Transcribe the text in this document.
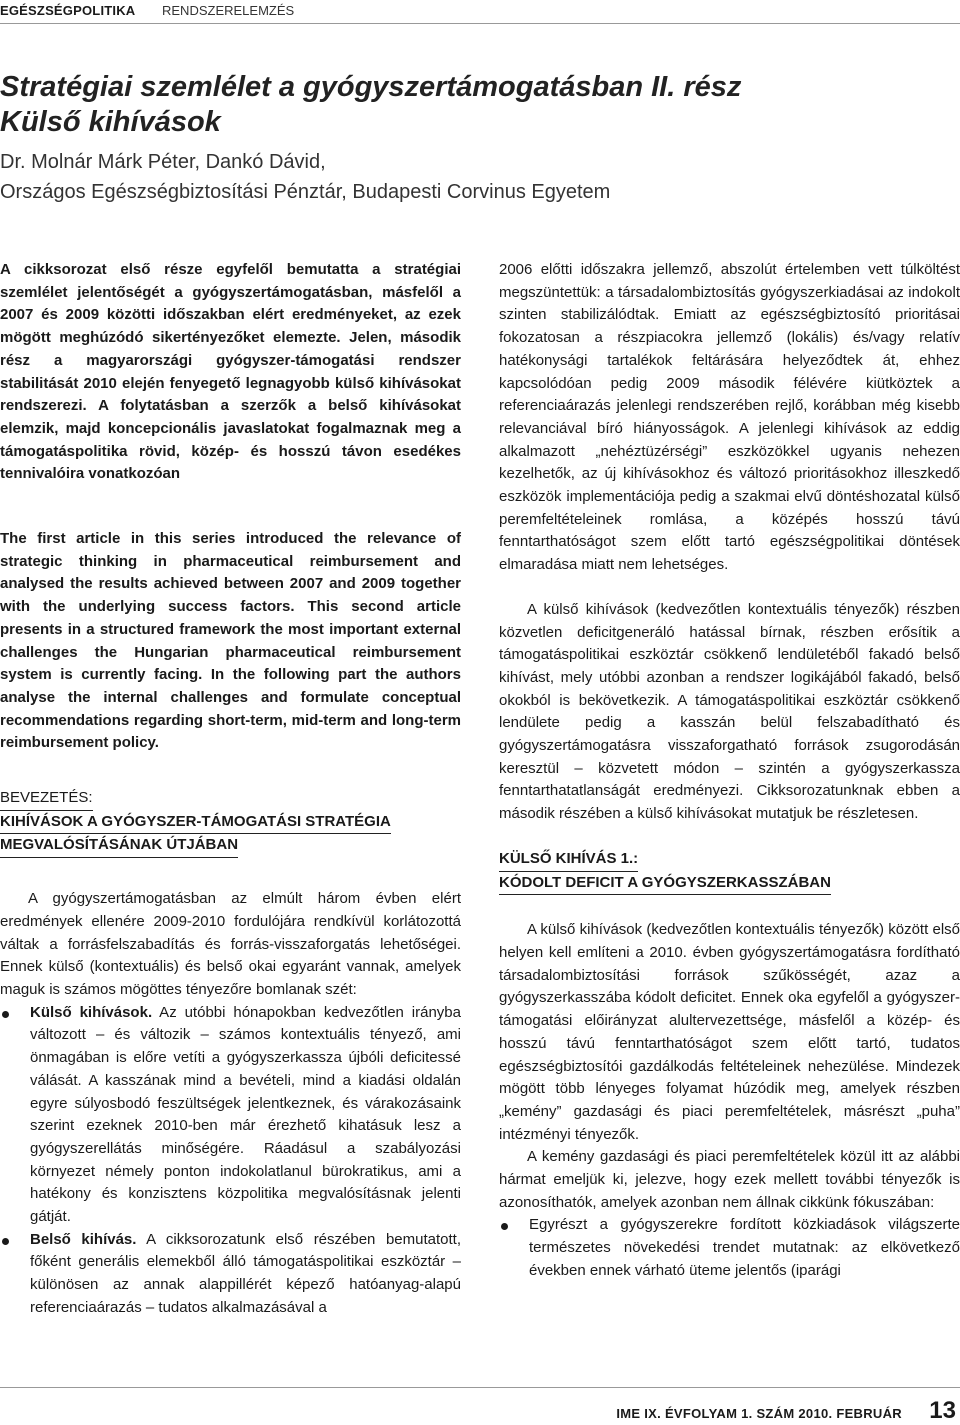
EGÉSZSÉGPOLITIKA RENDSZERELEMZÉS
Stratégiai szemlélet a gyógyszertámogatásban II. rész
Külső kihívások
Dr. Molnár Márk Péter, Dankó Dávid,
Országos Egészségbiztosítási Pénztár, Budapesti Corvinus Egyetem

A cikksorozat első része egyfelől bemutatta a stratégiai szemlélet jelentőségét a gyógyszertámogatásban, másfelől a 2007 és 2009 közötti időszakban elért eredményeket, az ezek mögött meghúzódó sikertényezőket elemezte. Jelen, második rész a magyarországi gyógyszer-támogatási rendszer stabilitását 2010 elején fenyegető legnagyobb külső kihívásokat rendszerezi. A folytatásban a szerzők a belső kihívásokat elemzik, majd koncepcionális javaslatokat fogalmaznak meg a támogatáspolitika rövid, közép- és hosszú távon esedékes tennivalóira vonatkozóan

The first article in this series introduced the relevance of strategic thinking in pharmaceutical reimbursement and analysed the results achieved between 2007 and 2009 together with the underlying success factors. This second article presents in a structured framework the most important external challenges the Hungarian pharmaceutical reimbursement system is currently facing. In the following part the authors analyse the internal challenges and formulate conceptual recommendations regarding short-term, mid-term and long-term reimbursement policy.

BEVEZETÉS:
KIHÍVÁSOK A GYÓGYSZER-TÁMOGATÁSI STRATÉGIA
MEGVALÓSÍTÁSÁNAK ÚTJÁBAN

A gyógyszertámogatásban az elmúlt három évben elért eredmények ellenére 2009-2010 fordulójára rendkívül korlátozottá váltak a forrásfelszabadítás és forrás-visszaforgatás lehetőségei. Ennek külső (kontextuális) és belső okai egyaránt vannak, amelyek maguk is számos mögöttes tényezőre bomlanak szét:

Külső kihívások. Az utóbbi hónapokban kedvezőtlen irányba változott – és változik – számos kontextuális tényező, ami önmagában is előre vetíti a gyógyszerkassza újbóli deficitessé válását. A kasszának mind a bevételi, mind a kiadási oldalán egyre súlyosbodó feszültségek jelentkeznek, és várakozásaink szerint ezeknek 2010-ben már érezhető kihatásuk lesz a gyógyszerellátás minőségére. Ráadásul a szabályozási környezet némely ponton indokolatlanul bürokratikus, ami a hatékony és konzisztens közpolitika megvalósításnak jelenti gátját.
Belső kihívás. A cikksorozatunk első részében bemutatott, főként generális elemekből álló támogatáspolitikai eszköztár – különösen az annak alappillérét képező hatóanyag-alapú referenciaárazás – tudatos alkalmazásával a

2006 előtti időszakra jellemző, abszolút értelemben vett túlköltést megszüntettük: a társadalombiztosítás gyógyszerkiadásai az indokolt szinten stabilizálódtak. Emiatt az egészségbiztosító prioritásai fokozatosan a részpiacokra jellemző (lokális) és/vagy relatív hatékonysági tartalékok feltárására helyeződtek át, ehhez kapcsolódóan pedig 2009 második félévére kiütköztek a referenciaárazás jelenlegi rendszerében rejlő, korábban még kisebb relevanciával bíró hiányosságok. A jelenlegi kihívások az eddig alkalmazott „nehéztüzérségi” eszközökkel ugyanis nehezen kezelhetők, az új kihívásokhoz és változó prioritásokhoz illeszkedő eszközök implementációja pedig a szakmai elvű döntéshozatal külső peremfeltételeinek romlása, a középés hosszú távú fenntarthatóságot szem előtt tartó egészségpolitikai döntések elmaradása miatt nem lehetséges.

A külső kihívások (kedvezőtlen kontextuális tényezők) részben közvetlen deficitgeneráló hatással bírnak, részben erősítik a támogatáspolitikai eszköztár csökkenő lendületéből fakadó belső kihívást, mely utóbbi azonban a rendszer logikájából fakadó, belső okokból is bekövetkezik. A támogatáspolitikai eszköztár csökkenő lendülete pedig a kasszán belül felszabadítható és gyógyszertámogatásra visszaforgatható források zsugorodásán keresztül – közvetett módon – szintén a gyógyszerkassza fenntarthatatlanságát eredményezi. Cikksorozatunknak ebben a második részében a külső kihívásokat mutatjuk be részletesen.

KÜLSŐ KIHÍVÁS 1.:
KÓDOLT DEFICIT A GYÓGYSZERKASSZÁBAN

A külső kihívások (kedvezőtlen kontextuális tényezők) között első helyen kell említeni a 2010. évben gyógyszertámogatásra fordítható társadalombiztosítási források szűkösségét, azaz a gyógyszerkasszába kódolt deficitet. Ennek oka egyfelől a gyógyszer-támogatási előirányzat alultervezettsége, másfelől a közép- és hosszú távú fenntarthatóságot szem előtt tartó, tudatos egészségbiztosítói gazdálkodás feltételeinek nehezülése. Mindezek mögött több lényeges folyamat húzódik meg, amelyek részben „kemény” gazdasági és piaci peremfeltételek, másrészt „puha” intézményi tényezők.

A kemény gazdasági és piaci peremfeltételek közül itt az alábbi hármat emeljük ki, jelezve, hogy ezek mellett további tényezők is azonosíthatók, amelyek azonban nem állnak cikkünk fókuszában:

Egyrészt a gyógyszerekre fordított közkiadások világszerte természetes növekedési trendet mutatnak: az elkövetkező években ennek várható üteme jelentős (iparági
IME IX. ÉVFOLYAM 1. SZÁM 2010. FEBRUÁR 13
